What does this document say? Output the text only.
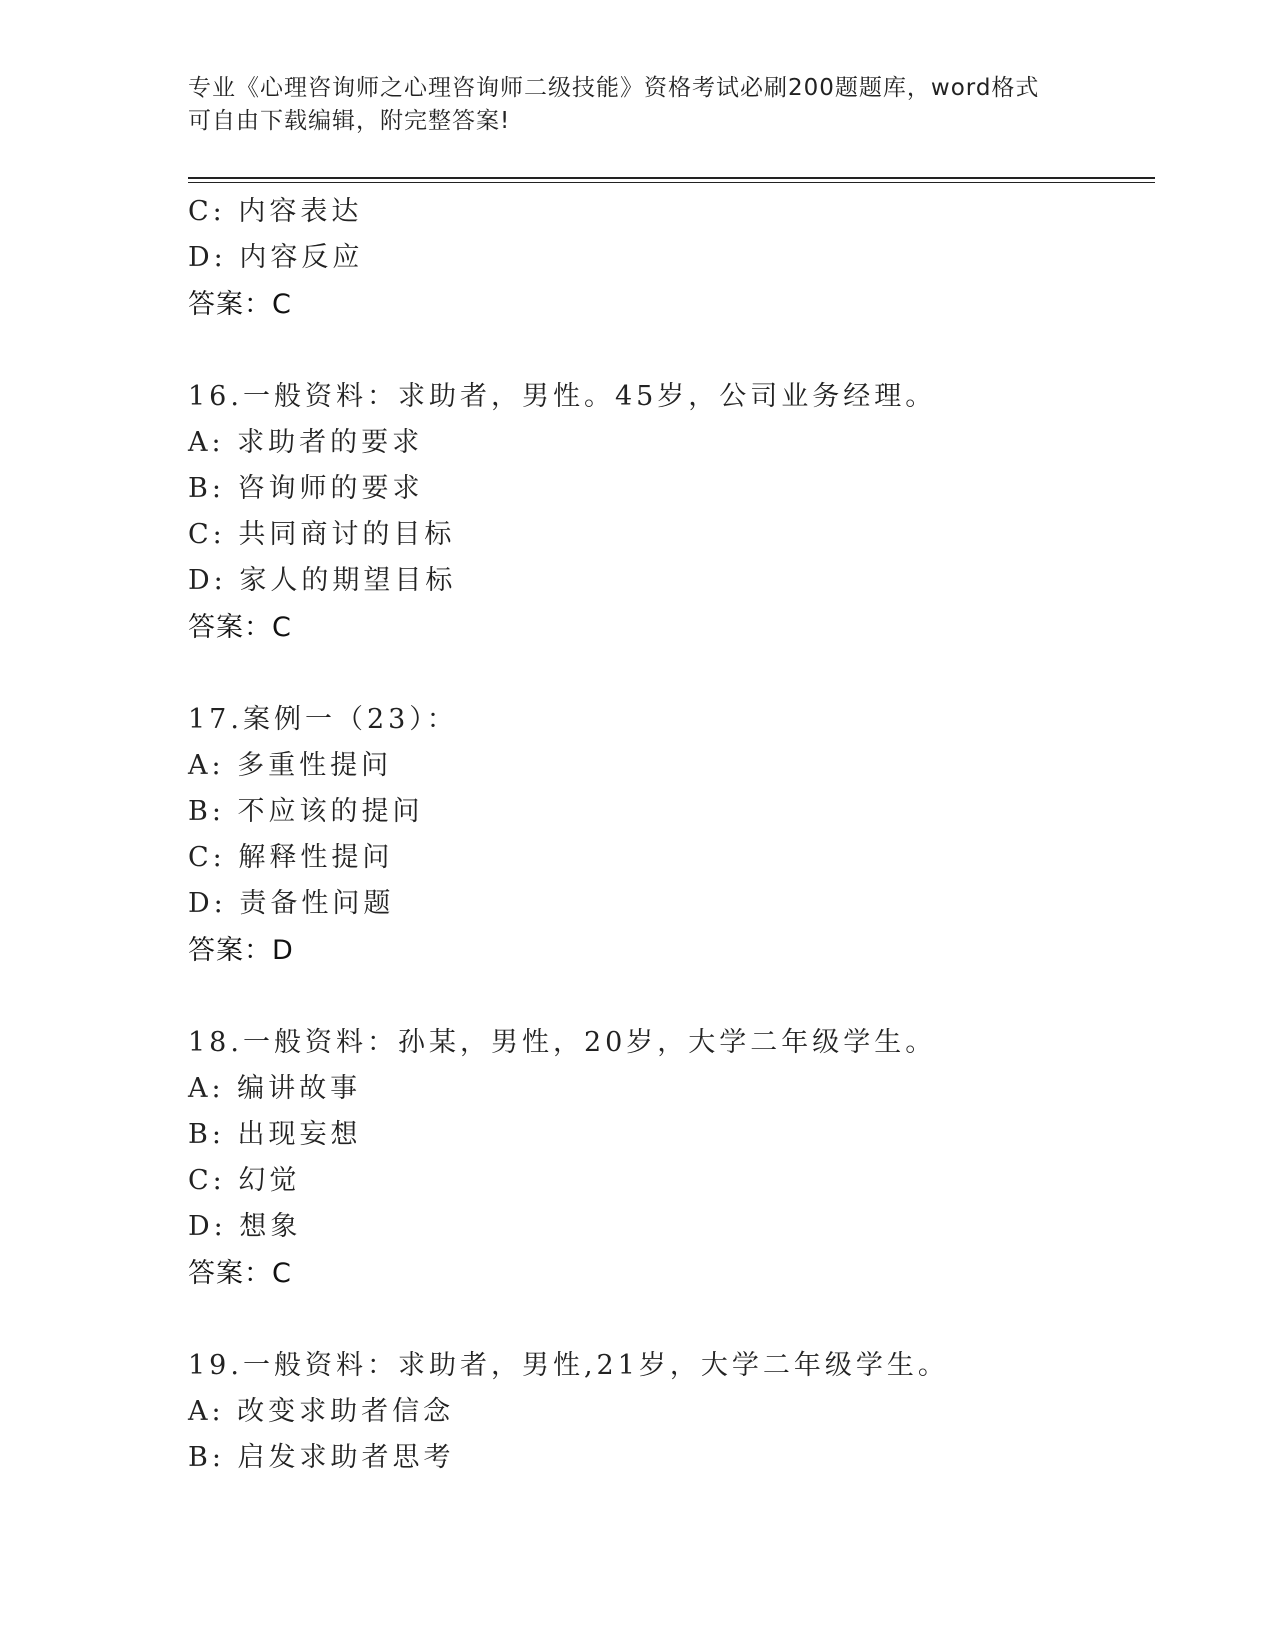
专业《心理咨询师之心理咨询师二级技能》资格考试必刷200题题库，word格式
可自由下载编辑，附完整答案!
C: 内容表达
D: 内容反应
答案：C
16.一般资料：求助者，男性。45岁，公司业务经理。
A: 求助者的要求
B: 咨询师的要求
C: 共同商讨的目标
D: 家人的期望目标
答案：C
17.案例一（23）：
A: 多重性提问
B: 不应该的提问
C: 解释性提问
D: 责备性问题
答案：D
18.一般资料：孙某，男性，20岁，大学二年级学生。
A: 编讲故事
B: 出现妄想
C: 幻觉
D: 想象
答案：C
19.一般资料：求助者，男性,21岁，大学二年级学生。
A: 改变求助者信念
B: 启发求助者思考
